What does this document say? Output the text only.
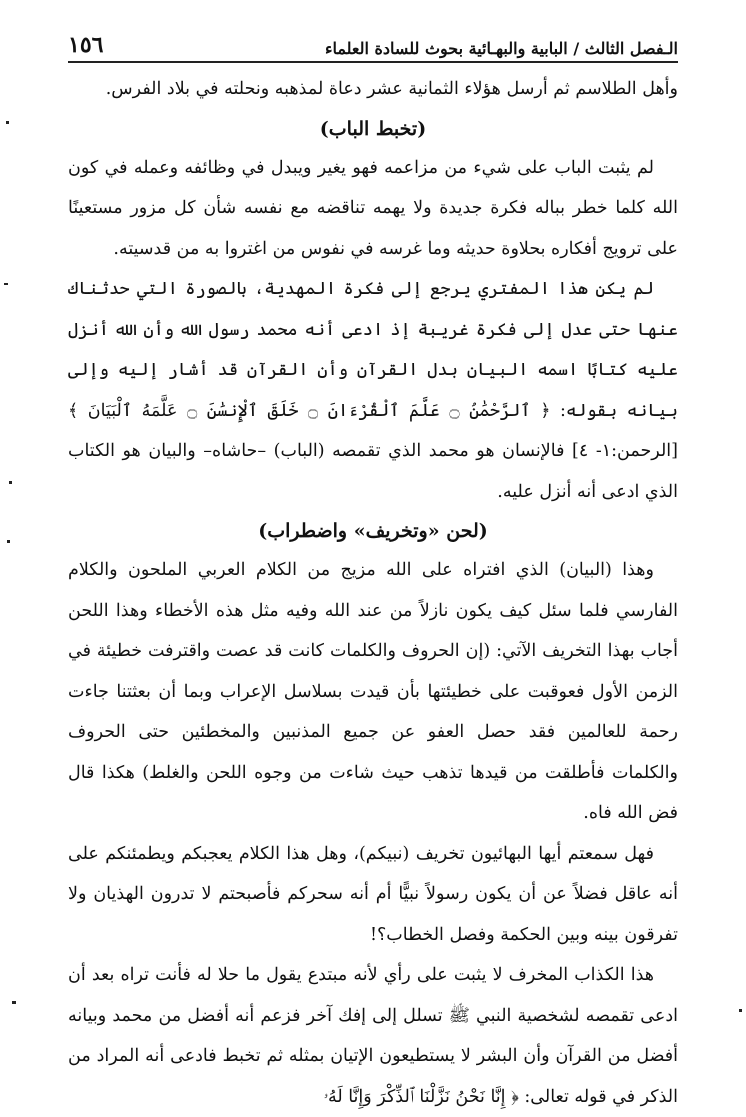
الـفصل الثالث / البابية والبهـائية بحوث للسادة العلماء
١٥٦

وأهل الطلاسم ثم أرسل هؤلاء الثمانية عشر دعاة لمذهبه ونحلته في بلاد الفرس.

(تخبط الباب)

لم يثبت الباب على شيء من مزاعمه فهو يغير ويبدل في وظائفه وعمله في كون الله كلما خطر بباله فكرة جديدة ولا يهمه تناقضه مع نفسه شأن كل مزور مستعينًا على ترويج أفكاره بحلاوة حديثه وما غرسه في نفوس من اغتروا به من قدسيته.

لم يكن هذا المفتري يرجع إلى فكرة المهدية، بالصورة التي حدثناك عنها حتى عدل إلى فكرة غريبة إذ ادعى أنه محمد رسول الله وأن الله أنزل عليه كتابًا اسمه البيان بدل القرآن وأن القرآن قد أشار إليه وإلى بيانه بقوله: ﴿ ٱلرَّحْمَٰنُ ۝ عَلَّمَ ٱلْقُرْءَانَ ۝ خَلَقَ ٱلْإِنسَٰنَ ۝ عَلَّمَهُ ٱلْبَيَانَ ﴾ [الرحمن:١- ٤] فالإنسان هو محمد الذي تقمصه (الباب) –حاشاه– والبيان هو الكتاب الذي ادعى أنه أنزل عليه.

(لحن «وتخريف» واضطراب)

وهذا (البيان) الذي افتراه على الله مزيج من الكلام العربي الملحون والكلام الفارسي فلما سئل كيف يكون نازلاً من عند الله وفيه مثل هذه الأخطاء وهذا اللحن أجاب بهذا التخريف الآتي: (إن الحروف والكلمات كانت قد عصت واقترفت خطيئة في الزمن الأول فعوقبت على خطيئتها بأن قيدت بسلاسل الإعراب وبما أن بعثتنا جاءت رحمة للعالمين فقد حصل العفو عن جميع المذنبين والمخطئين حتى الحروف والكلمات فأطلقت من قيدها تذهب حيث شاءت من وجوه اللحن والغلط) هكذا قال فض الله فاه.

فهل سمعتم أيها البهائيون تخريف (نبيكم)، وهل هذا الكلام يعجبكم ويطمئنكم على أنه عاقل فضلاً عن أن يكون رسولاً نبيًّا أم أنه سحركم فأصبحتم لا تدرون الهذيان ولا تفرقون بينه وبين الحكمة وفصل الخطاب؟!

هذا الكذاب المخرف لا يثبت على رأي لأنه مبتدع يقول ما حلا له فأنت تراه بعد أن ادعى تقمصه لشخصية النبي ﷺ تسلل إلى إفك آخر فزعم أنه أفضل من محمد وبيانه أفضل من القرآن وأن البشر لا يستطيعون الإتيان بمثله ثم تخبط فادعى أنه المراد من الذكر في قوله تعالى: ﴿ إِنَّا نَحْنُ نَزَّلْنَا ٱلذِّكْرَ وَإِنَّا لَهُۥ
